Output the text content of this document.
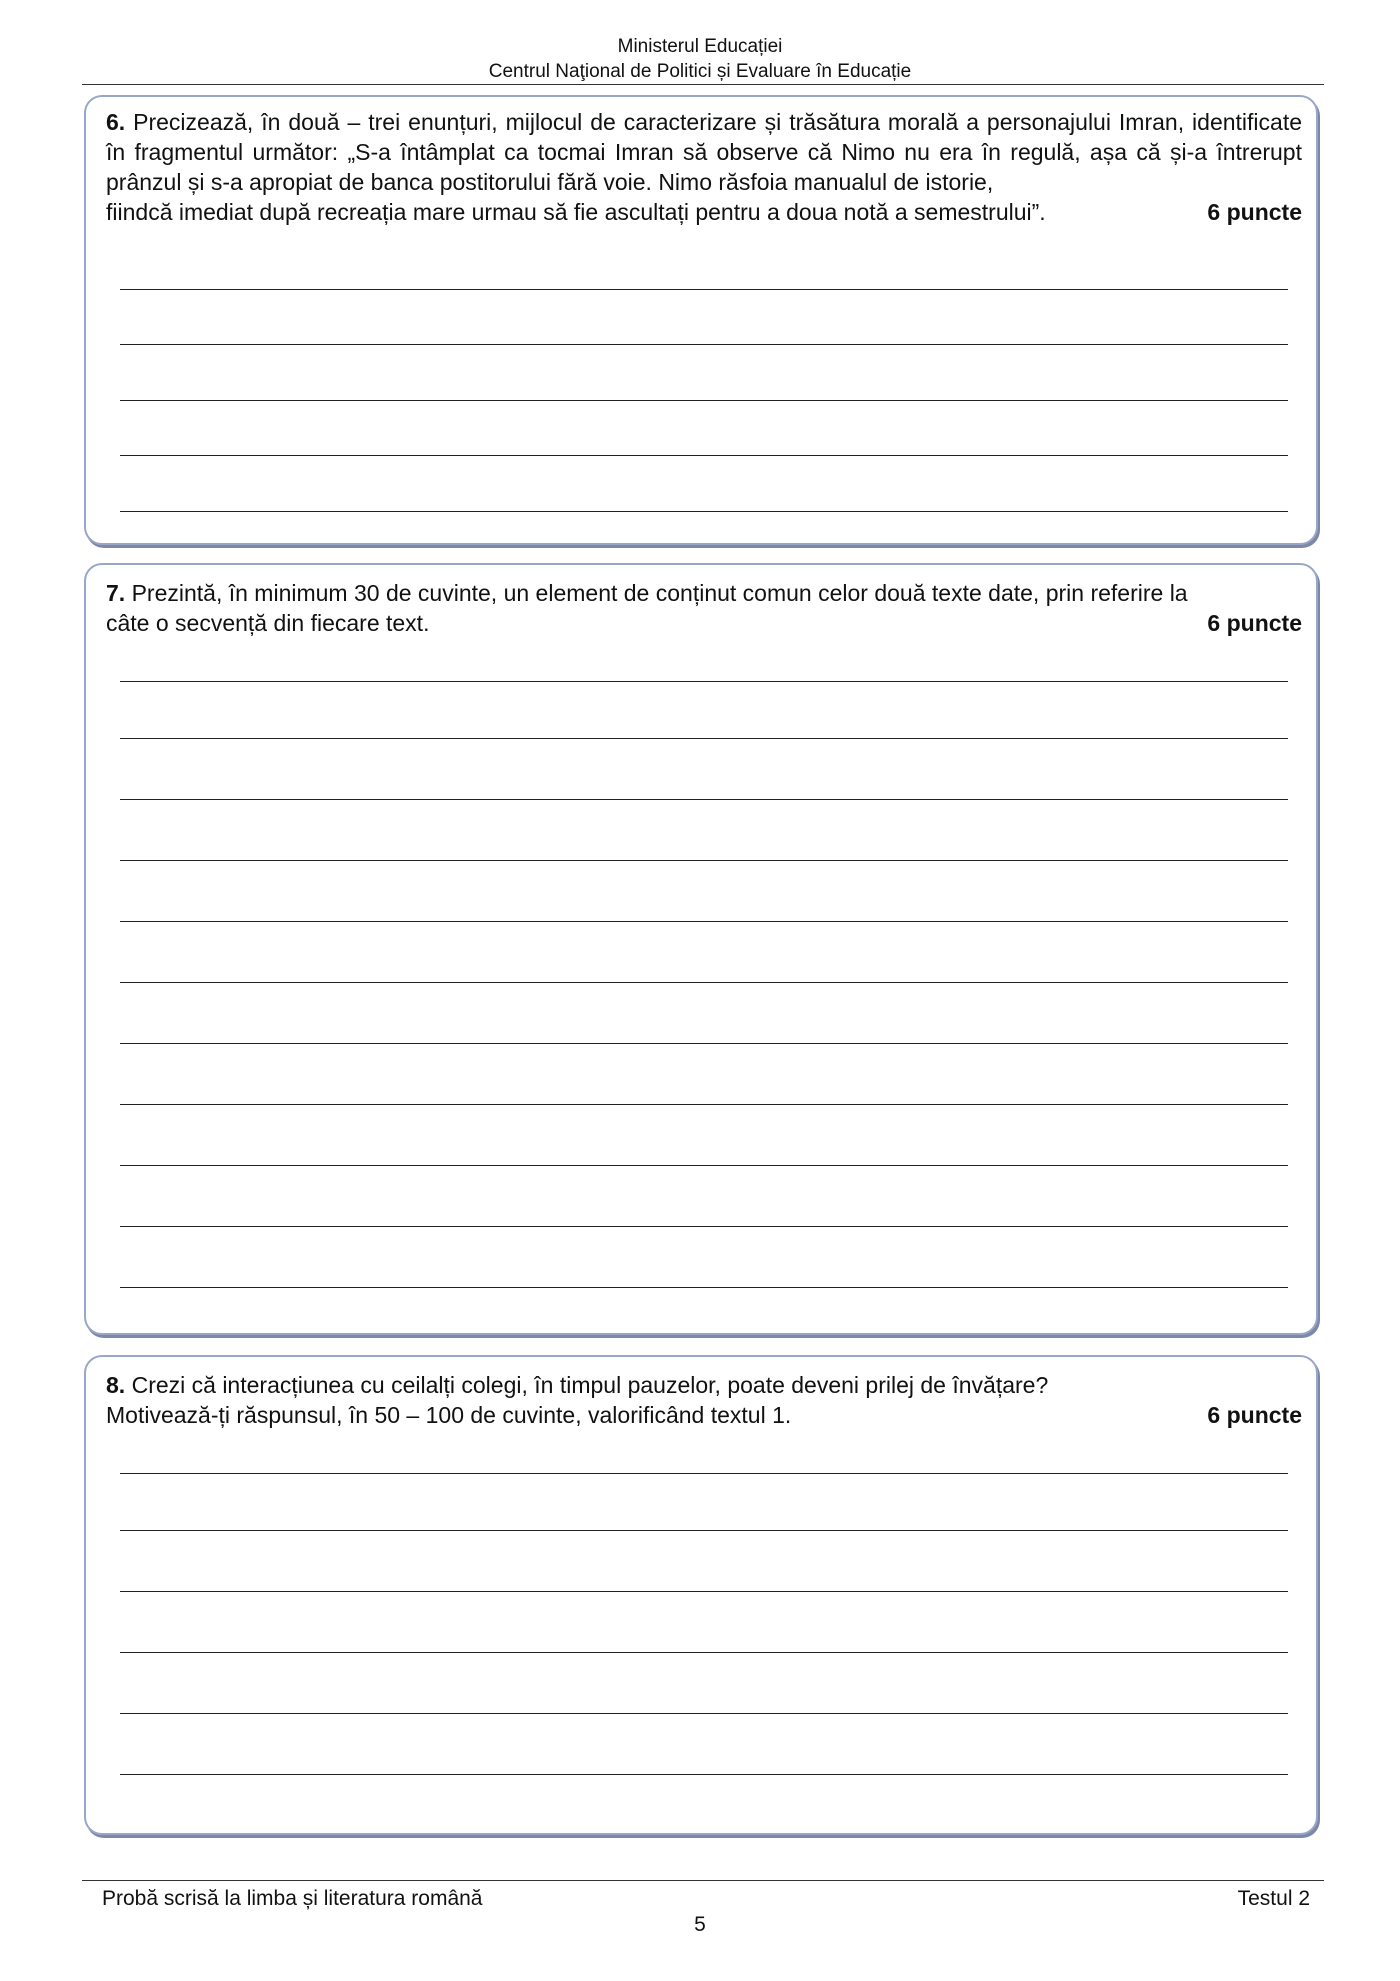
Ministerul Educației
Centrul Naţional de Politici și Evaluare în Educație
6. Precizează, în două – trei enunțuri, mijlocul de caracterizare și trăsătura morală a personajului Imran, identificate în fragmentul următor: „S-a întâmplat ca tocmai Imran să observe că Nimo nu era în regulă, așa că și-a întrerupt prânzul și s-a apropiat de banca postitorului fără voie. Nimo răsfoia manualul de istorie,
fiindcă imediat după recreația mare urmau să fie ascultați pentru a doua notă a semestrului”.	6 puncte
7. Prezintă, în minimum 30 de cuvinte, un element de conținut comun celor două texte date, prin referire la
câte o secvență din fiecare text.	6 puncte
8. Crezi că interacțiunea cu ceilalți colegi, în timpul pauzelor, poate deveni prilej de învățare?
Motivează-ți răspunsul, în 50 – 100 de cuvinte, valorificând textul 1.	6 puncte
Probă scrisă la limba și literatura română	Testul 2
5
